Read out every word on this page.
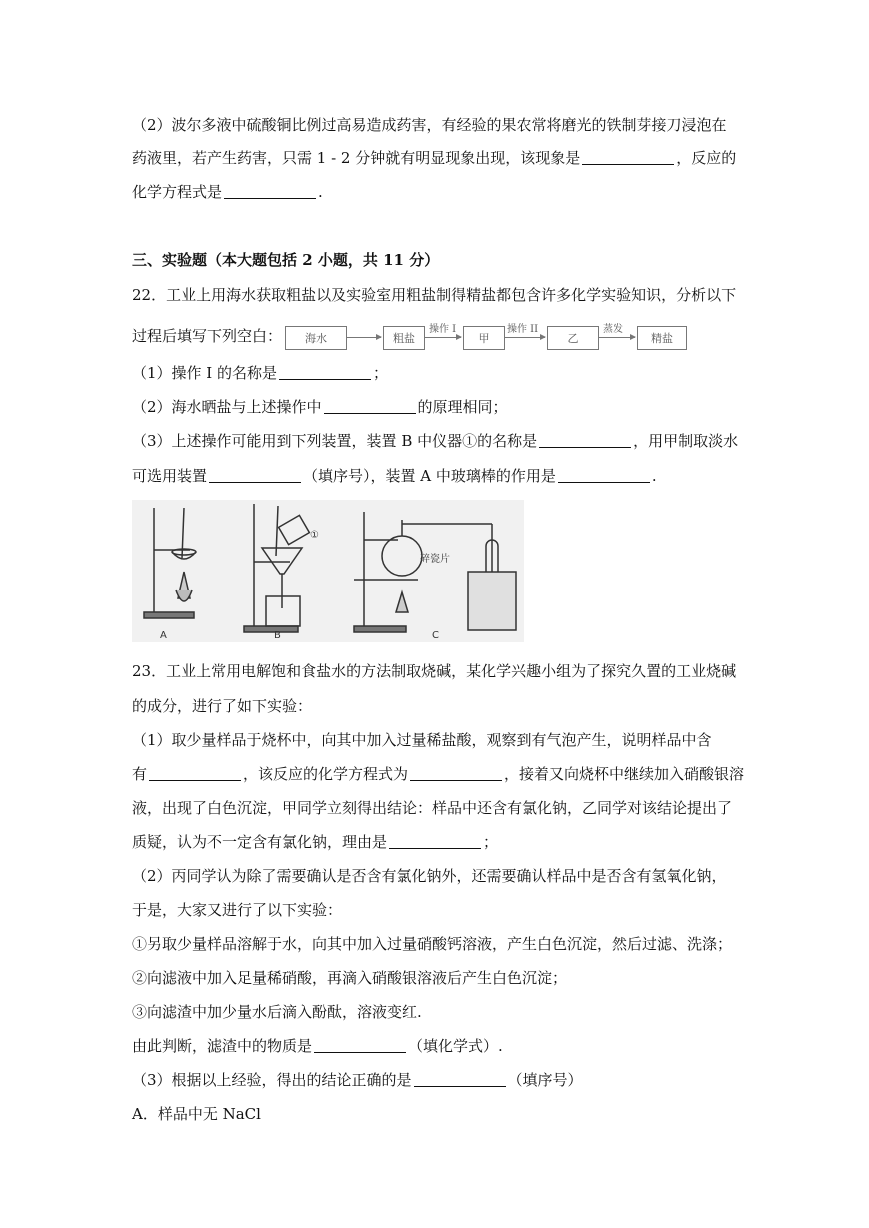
（2）波尔多液中硫酸铜比例过高易造成药害，有经验的果农常将磨光的铁制芽接刀浸泡在
药液里，若产生药害，只需 1 - 2 分钟就有明显现象出现，该现象是	，反应的
化学方程式是	.
三、实验题（本大题包括 2 小题，共 11 分）
22．工业上用海水获取粗盐以及实验室用粗盐制得精盐都包含许多化学实验知识，分析以下
过程后填写下列空白：	海水	粗盐
操作 I
甲
操作 II
乙
蒸发
精盐
（1）操作 I 的名称是	；
（2）海水晒盐与上述操作中	的原理相同；
（3）上述操作可能用到下列装置，装置 B 中仪器①的名称是	，用甲制取淡水
可选用装置	（填序号），装置 A 中玻璃棒的作用是	.
①
碎瓷片
A	B	C
23．工业上常用电解饱和食盐水的方法制取烧碱，某化学兴趣小组为了探究久置的工业烧碱
的成分，进行了如下实验：
（1）取少量样品于烧杯中，向其中加入过量稀盐酸，观察到有气泡产生，说明样品中含
有	，该反应的化学方程式为	，接着又向烧杯中继续加入硝酸银溶
液，出现了白色沉淀，甲同学立刻得出结论：样品中还含有氯化钠，乙同学对该结论提出了
质疑，认为不一定含有氯化钠，理由是	；
（2）丙同学认为除了需要确认是否含有氯化钠外，还需要确认样品中是否含有氢氧化钠，
于是，大家又进行了以下实验：
①另取少量样品溶解于水，向其中加入过量硝酸钙溶液，产生白色沉淀，然后过滤、洗涤；
②向滤液中加入足量稀硝酸，再滴入硝酸银溶液后产生白色沉淀；
③向滤渣中加少量水后滴入酚酞，溶液变红.
由此判断，滤渣中的物质是	（填化学式）.
（3）根据以上经验，得出的结论正确的是	（填序号）
A．样品中无 NaCl
